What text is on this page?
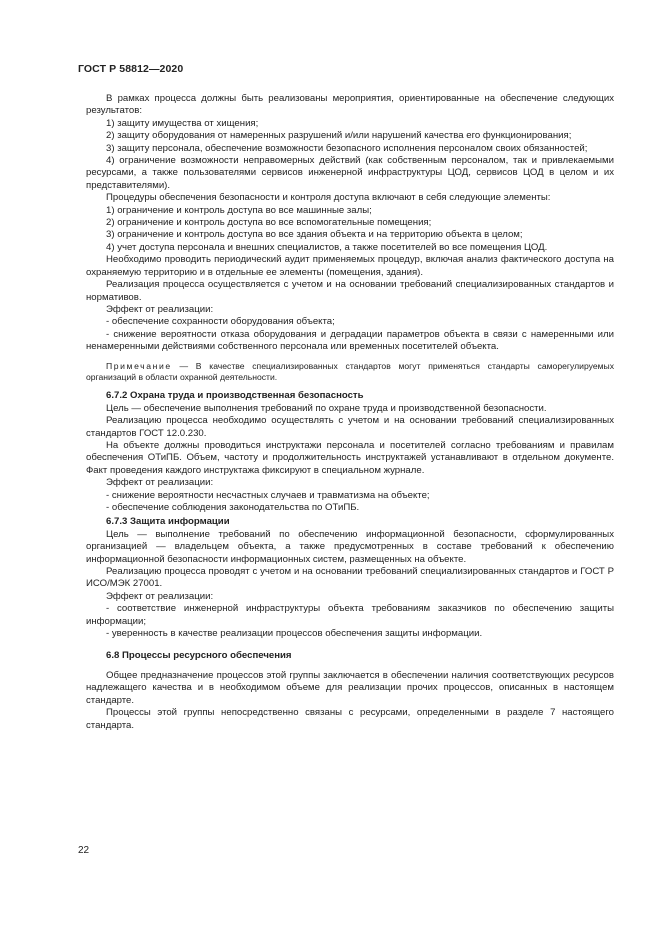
ГОСТ Р 58812—2020

В рамках процесса должны быть реализованы мероприятия, ориентированные на обеспечение следующих результатов:

1) защиту имущества от хищения;

2) защиту оборудования от намеренных разрушений и/или нарушений качества его функционирования;

3) защиту персонала, обеспечение возможности безопасного исполнения персоналом своих обязанностей;

4) ограничение возможности неправомерных действий (как собственным персоналом, так и привлекаемыми ресурсами, а также пользователями сервисов инженерной инфраструктуры ЦОД, сервисов ЦОД в целом и их представителями).

Процедуры обеспечения безопасности и контроля доступа включают в себя следующие элементы:

1) ограничение и контроль доступа во все машинные залы;

2) ограничение и контроль доступа во все вспомогательные помещения;

3) ограничение и контроль доступа во все здания объекта и на территорию объекта в целом;

4) учет доступа персонала и внешних специалистов, а также посетителей во все помещения ЦОД.

Необходимо проводить периодический аудит применяемых процедур, включая анализ фактического доступа на охраняемую территорию и в отдельные ее элементы (помещения, здания).

Реализация процесса осуществляется с учетом и на основании требований специализированных стандартов и нормативов.

Эффект от реализации:

- обеспечение сохранности оборудования объекта;

- снижение вероятности отказа оборудования и деградации параметров объекта в связи с намеренными или ненамеренными действиями собственного персонала или временных посетителей объекта.

Примечание — В качестве специализированных стандартов могут применяться стандарты саморегулируемых организаций в области охранной деятельности.

6.7.2 Охрана труда и производственная безопасность

Цель — обеспечение выполнения требований по охране труда и производственной безопасности.

Реализацию процесса необходимо осуществлять с учетом и на основании требований специализированных стандартов ГОСТ 12.0.230.

На объекте должны проводиться инструктажи персонала и посетителей согласно требованиям и правилам обеспечения ОТиПБ. Объем, частоту и продолжительность инструктажей устанавливают в отдельном документе. Факт проведения каждого инструктажа фиксируют в специальном журнале.

Эффект от реализации:

- снижение вероятности несчастных случаев и травматизма на объекте;

- обеспечение соблюдения законодательства по ОТиПБ.

6.7.3 Защита информации

Цель — выполнение требований по обеспечению информационной безопасности, сформулированных организацией — владельцем объекта, а также предусмотренных в составе требований к обеспечению информационной безопасности информационных систем, размещенных на объекте.

Реализацию процесса проводят с учетом и на основании требований специализированных стандартов и ГОСТ Р ИСО/МЭК 27001.

Эффект от реализации:

- соответствие инженерной инфраструктуры объекта требованиям заказчиков по обеспечению защиты информации;

- уверенность в качестве реализации процессов обеспечения защиты информации.

6.8 Процессы ресурсного обеспечения

Общее предназначение процессов этой группы заключается в обеспечении наличия соответствующих ресурсов надлежащего качества и в необходимом объеме для реализации прочих процессов, описанных в настоящем стандарте.

Процессы этой группы непосредственно связаны с ресурсами, определенными в разделе 7 настоящего стандарта.

22
